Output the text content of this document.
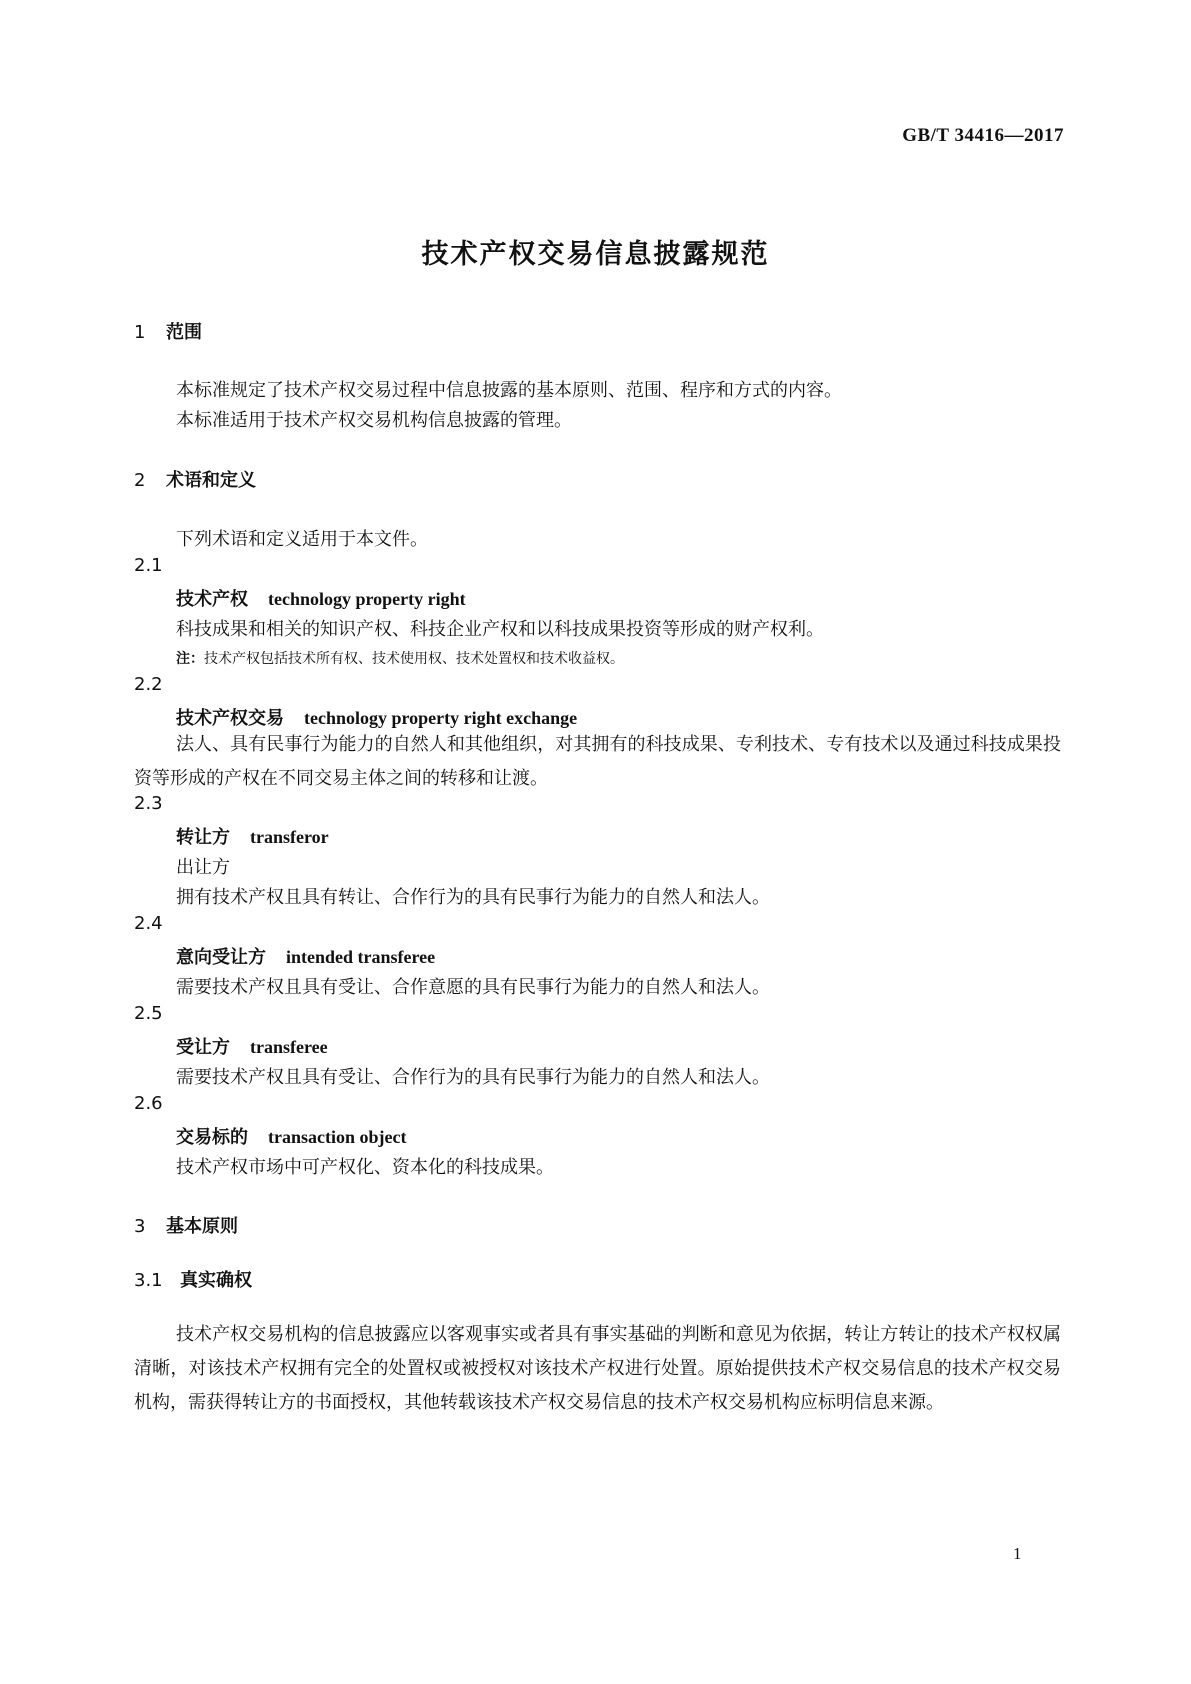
GB/T 34416—2017
技术产权交易信息披露规范
1 范围
本标准规定了技术产权交易过程中信息披露的基本原则、范围、程序和方式的内容。
本标准适用于技术产权交易机构信息披露的管理。
2 术语和定义
下列术语和定义适用于本文件。
2.1
技术产权 technology property right
科技成果和相关的知识产权、科技企业产权和以科技成果投资等形成的财产权利。
注：技术产权包括技术所有权、技术使用权、技术处置权和技术收益权。
2.2
技术产权交易 technology property right exchange
法人、具有民事行为能力的自然人和其他组织，对其拥有的科技成果、专利技术、专有技术以及通过科技成果投资等形成的产权在不同交易主体之间的转移和让渡。
2.3
转让方 transferor
出让方
拥有技术产权且具有转让、合作行为的具有民事行为能力的自然人和法人。
2.4
意向受让方 intended transferee
需要技术产权且具有受让、合作意愿的具有民事行为能力的自然人和法人。
2.5
受让方 transferee
需要技术产权且具有受让、合作行为的具有民事行为能力的自然人和法人。
2.6
交易标的 transaction object
技术产权市场中可产权化、资本化的科技成果。
3 基本原则
3.1 真实确权
技术产权交易机构的信息披露应以客观事实或者具有事实基础的判断和意见为依据，转让方转让的技术产权权属清晰，对该技术产权拥有完全的处置权或被授权对该技术产权进行处置。原始提供技术产权交易信息的技术产权交易机构，需获得转让方的书面授权，其他转载该技术产权交易信息的技术产权交易机构应标明信息来源。
1
